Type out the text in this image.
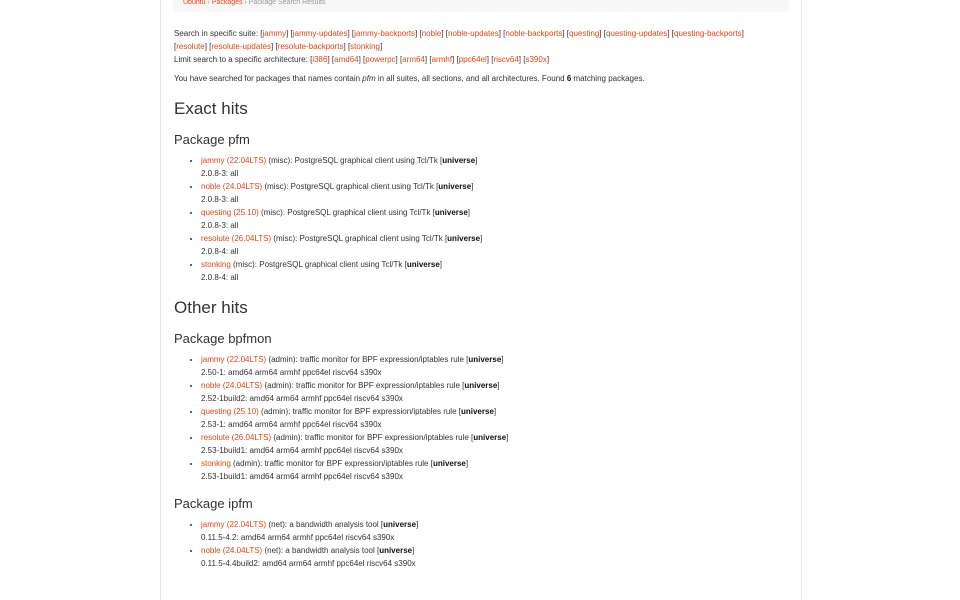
Ubuntu › Packages › Package Search Results

Search in specific suite: [jammy] [jammy-updates] [jammy-backports] [noble] [noble-updates] [noble-backports] [questing] [questing-updates] [questing-backports] [resolute] [resolute-updates] [resolute-backports] [stonking]

Limit search to a specific architecture: [i386] [amd64] [powerpc] [arm64] [armhf] [ppc64el] [riscv64] [s390x]

You have searched for packages that names contain pfm in all suites, all sections, and all architectures. Found 6 matching packages.

Exact hits
Package pfm
• jammy (22.04LTS) (misc): PostgreSQL graphical client using Tcl/Tk [universe]
2.0.8-3: all
• noble (24.04LTS) (misc): PostgreSQL graphical client using Tcl/Tk [universe]
2.0.8-3: all
• questing (25.10) (misc): PostgreSQL graphical client using Tcl/Tk [universe]
2.0.8-3: all
• resolute (26.04LTS) (misc): PostgreSQL graphical client using Tcl/Tk [universe]
2.0.8-4: all
• stonking (misc): PostgreSQL graphical client using Tcl/Tk [universe]
2.0.8-4: all
Other hits
Package bpfmon
• jammy (22.04LTS) (admin): traffic monitor for BPF expression/iptables rule [universe]
2.50-1: amd64 arm64 armhf ppc64el riscv64 s390x
• noble (24.04LTS) (admin): traffic monitor for BPF expression/iptables rule [universe]
2.52-1build2: amd64 arm64 armhf ppc64el riscv64 s390x
• questing (25.10) (admin): traffic monitor for BPF expression/iptables rule [universe]
2.53-1: amd64 arm64 armhf ppc64el riscv64 s390x
• resolute (26.04LTS) (admin): traffic monitor for BPF expression/iptables rule [universe]
2.53-1build1: amd64 arm64 armhf ppc64el riscv64 s390x
• stonking (admin): traffic monitor for BPF expression/iptables rule [universe]
2.53-1build1: amd64 arm64 armhf ppc64el riscv64 s390x
Package ipfm
• jammy (22.04LTS) (net): a bandwidth analysis tool [universe]
0.11.5-4.2: amd64 arm64 armhf ppc64el riscv64 s390x
• noble (24.04LTS) (net): a bandwidth analysis tool [universe]
0.11.5-4.4build2: amd64 arm64 armhf ppc64el riscv64 s390x
